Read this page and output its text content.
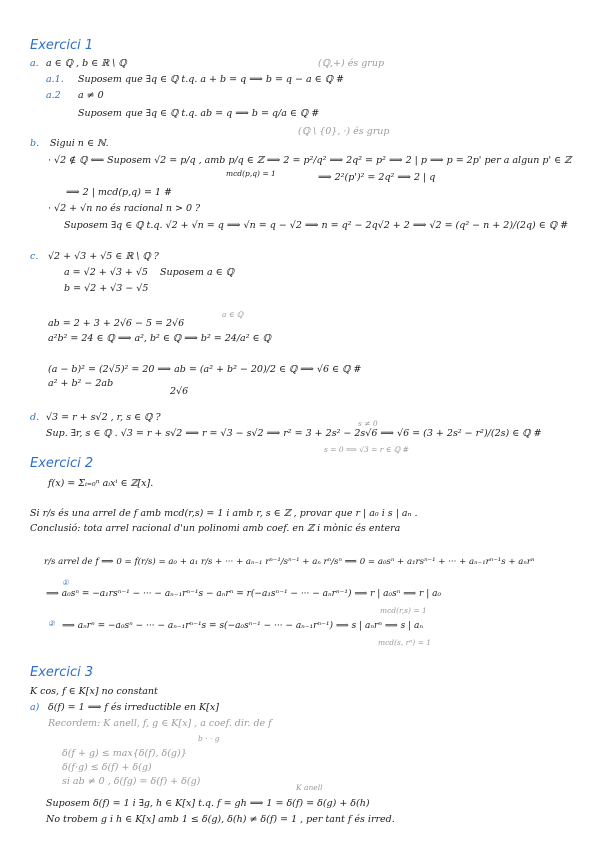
Exercici 1
a. a ∈ ℚ , b ∈ ℝ \ ℚ	(ℚ,+) és grup
a.1. Suposem que ∃q ∈ ℚ t.q. a + b = q ⟹ b = q − a ∈ ℚ #
a.2 a ≠ 0
Suposem que ∃q ∈ ℚ t.q. ab = q ⟹ b = q/a ∈ ℚ #
(ℚ \ {0}, ·) és grup
b. Sigui n ∈ ℕ.
· √2 ∉ ℚ ⟸ Suposem √2 = p/q , amb p/q ∈ ℤ ⟹ 2 = p²/q² ⟹ 2q² = p² ⟹ 2 | p ⟹ p = 2p' per a algun p' ∈ ℤ
mcd(p,q) = 1	⟹ 2²(p')² = 2q² ⟹ 2 | q
⟹ 2 | mcd(p,q) = 1 #
· √2 + √n no és racional n > 0 ?
Suposem ∃q ∈ ℚ t.q. √2 + √n = q ⟹ √n = q − √2 ⟹ n = q² − 2q√2 + 2 ⟹ √2 = (q² − n + 2)/(2q) ∈ ℚ #
c. √2 + √3 + √5 ∈ ℝ \ ℚ ?
a = √2 + √3 + √5 Suposem a ∈ ℚ
b = √2 + √3 − √5
a ∈ ℚ
ab = 2 + 3 + 2√6 − 5 = 2√6
a²b² = 24 ∈ ℚ ⟹ a², b² ∈ ℚ ⟹ b² = 24/a² ∈ ℚ
(a − b)² = (2√5)² = 20 ⟹ ab = (a² + b² − 20)/2 ∈ ℚ ⟹ √6 ∈ ℚ #
a² + b² − 2ab
2√6
d. √3 = r + s√2 , r, s ∈ ℚ ?
s ≠ 0
Sup. ∃r, s ∈ ℚ . √3 = r + s√2 ⟹ r = √3 − s√2 ⟹ r² = 3 + 2s² − 2s√6 ⟹ √6 = (3 + 2s² − r²)/(2s) ∈ ℚ #
s = 0 ⟹ √3 = r ∈ ℚ #
Exercici 2
f(x) = Σᵢ₌₀ⁿ aᵢxⁱ ∈ ℤ[x].
Si r/s és una arrel de f amb mcd(r,s) = 1 i amb r, s ∈ ℤ , provar que r | a₀ i s | aₙ .
Conclusió: tota arrel racional d'un polinomi amb coef. en ℤ i mònic és entera
r/s arrel de f ⟹ 0 = f(r/s) = a₀ + a₁ r/s + ··· + aₙ₋₁ rⁿ⁻¹/sⁿ⁻¹ + aₙ rⁿ/sⁿ ⟹ 0 = a₀sⁿ + a₁rsⁿ⁻¹ + ··· + aₙ₋₁rⁿ⁻¹s + aₙrⁿ
①
⟹ a₀sⁿ = −a₁rsⁿ⁻¹ − ··· − aₙ₋₁rⁿ⁻¹s − aₙrⁿ = r(−a₁sⁿ⁻¹ − ··· − aₙrⁿ⁻¹) ⟹ r | a₀sⁿ ⟹ r | a₀
mcd(r,s) = 1
② ⟹ aₙrⁿ = −a₀sⁿ − ··· − aₙ₋₁rⁿ⁻¹s = s(−a₀sⁿ⁻¹ − ··· − aₙ₋₁rⁿ⁻¹) ⟹ s | aₙrⁿ ⟹ s | aₙ
mcd(s, rⁿ) = 1
Exercici 3
K cos, f ∈ K[x] no constant
a) δ(f) = 1 ⟹ f és irreductible en K[x]
Recordem: K anell, f, g ∈ K[x] , a coef. dir. de f
b · · g
δ(f + g) ≤ max{δ(f), δ(g)}
δ(f·g) ≤ δ(f) + δ(g)
si ab ≠ 0 , δ(fg) = δ(f) + δ(g)
K anell
Suposem δ(f) = 1 i ∃g, h ∈ K[x] t.q. f = gh ⟹ 1 = δ(f) = δ(g) + δ(h)
No trobem g i h ∈ K[x] amb 1 ≤ δ(g), δ(h) ≠ δ(f) = 1 , per tant f és irred.
